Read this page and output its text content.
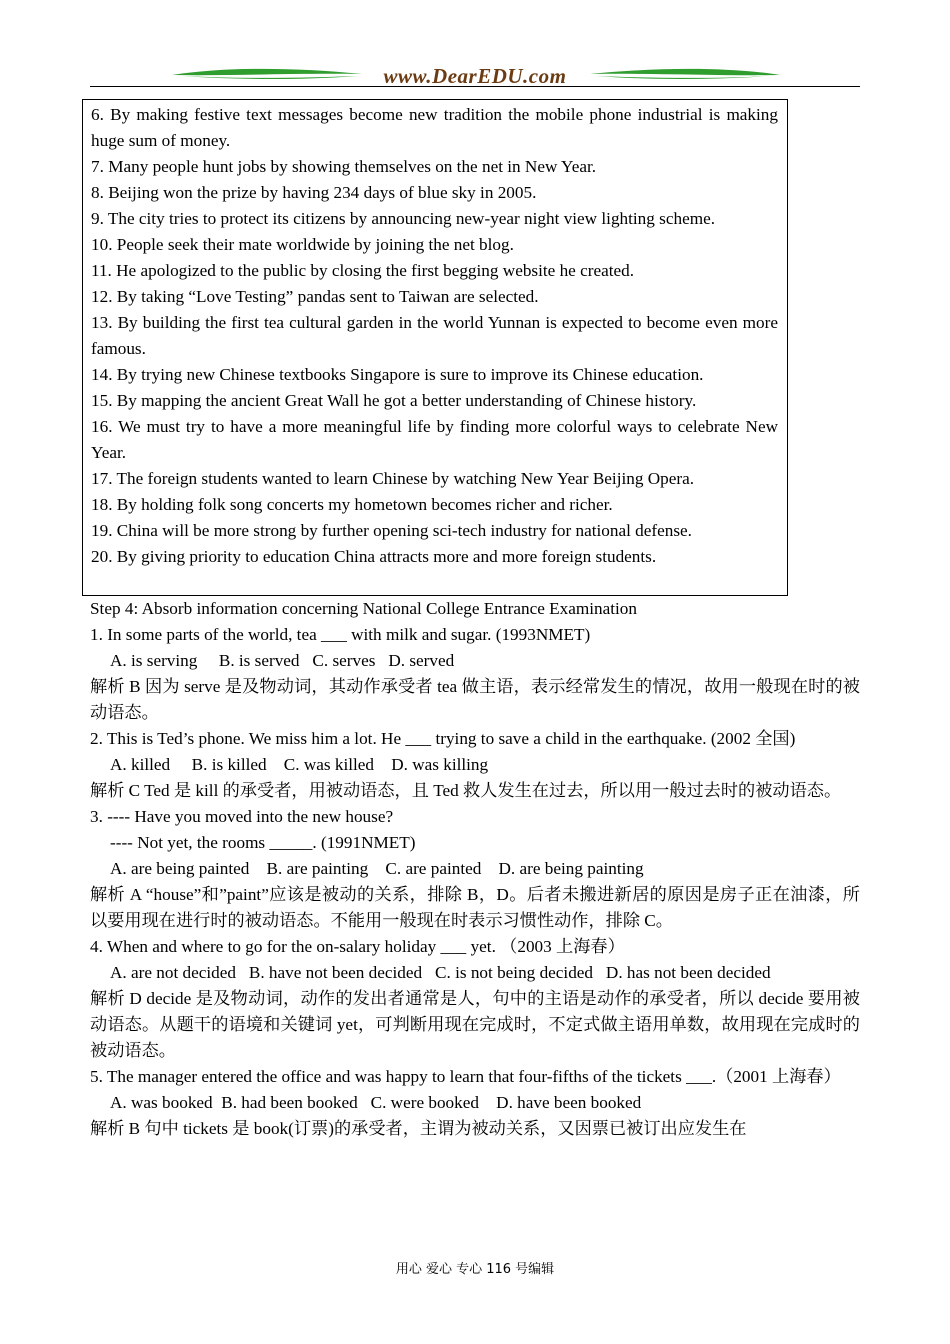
www.DearEDU.com

6. By making festive text messages become new tradition the mobile phone industrial is making huge sum of money.

7. Many people hunt jobs by showing themselves on the net in New Year.

8. Beijing won the prize by having 234 days of blue sky in 2005.

9. The city tries to protect its citizens by announcing new-year night view lighting scheme.

10. People seek their mate worldwide by joining the net blog.

11. He apologized to the public by closing the first begging website he created.

12. By taking “Love Testing” pandas sent to Taiwan are selected.

13. By building the first tea cultural garden in the world Yunnan is expected to become even more famous.

14. By trying new Chinese textbooks Singapore is sure to improve its Chinese education.

15. By mapping the ancient Great Wall he got a better understanding of Chinese history.

16. We must try to have a more meaningful life by finding more colorful ways to celebrate New Year.

17. The foreign students wanted to learn Chinese by watching New Year Beijing Opera.

18. By holding folk song concerts my hometown becomes richer and richer.

19. China will be more strong by further opening sci-tech industry for national defense.

20. By giving priority to education China attracts more and more foreign students.

Step 4: Absorb information concerning National College Entrance Examination

1. In some parts of the world, tea ___ with milk and sugar. (1993NMET)

A. is serving     B. is served   C. serves   D. served

解析 B 因为 serve 是及物动词，其动作承受者 tea 做主语，表示经常发生的情况，故用一般现在时的被动语态。

2. This is Ted’s phone. We miss him a lot. He ___ trying to save a child in the earthquake. (2002 全国)

A. killed     B. is killed    C. was killed    D. was killing

解析 C Ted 是 kill 的承受者，用被动语态，且 Ted 救人发生在过去，所以用一般过去时的被动语态。

3. ---- Have you moved into the new house?

---- Not yet, the rooms _____. (1991NMET)

A. are being painted    B. are painting    C. are painted    D. are being painting

解析 A “house”和”paint”应该是被动的关系，排除 B，D。后者未搬进新居的原因是房子正在油漆，所以要用现在进行时的被动语态。不能用一般现在时表示习惯性动作，排除 C。

4. When and where to go for the on-salary holiday ___ yet. （2003 上海春）

A. are not decided   B. have not been decided   C. is not being decided   D. has not been decided

解析 D decide 是及物动词，动作的发出者通常是人，句中的主语是动作的承受者，所以 decide 要用被动语态。从题干的语境和关键词 yet，可判断用现在完成时，不定式做主语用单数，故用现在完成时的被动语态。

5. The manager entered the office and was happy to learn that four-fifths of the tickets ___.（2001 上海春）

A. was booked  B. had been booked   C. were booked    D. have been booked

解析 B 句中 tickets 是 book(订票)的承受者，主谓为被动关系，又因票已被订出应发生在

用心 爱心 专心 116 号编辑
